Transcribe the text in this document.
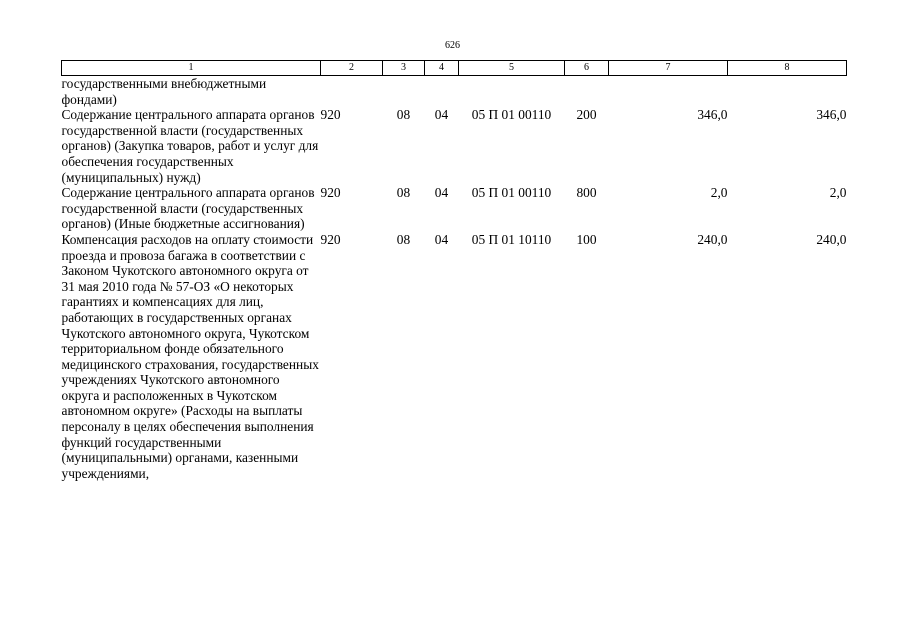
626
1	2	3	4	5	6	7	8
государственными внебюджетными фондами)							
Содержание центрального аппарата органов государственной власти (государственных органов) (Закупка товаров, работ и услуг для обеспечения государственных (муниципальных) нужд)	920	08	04	05 П 01 00110	200	346,0	346,0
Содержание центрального аппарата органов государственной власти (государственных органов) (Иные бюджетные ассигнования)	920	08	04	05 П 01 00110	800	2,0	2,0
Компенсация расходов на оплату стоимости проезда и провоза багажа в соответствии с Законом Чукотского автономного округа от 31 мая 2010 года № 57-ОЗ «О некоторых гарантиях и компенсациях для лиц, работающих в государственных органах Чукотского автономного округа, Чукотском территориальном фонде обязательного медицинского страхования, государственных учреждениях Чукотского автономного округа и расположенных в Чукотском автономном округе» (Расходы на выплаты персоналу в целях обеспечения выполнения функций государственными (муниципальными) органами, казенными учреждениями,	920	08	04	05 П 01 10110	100	240,0	240,0
